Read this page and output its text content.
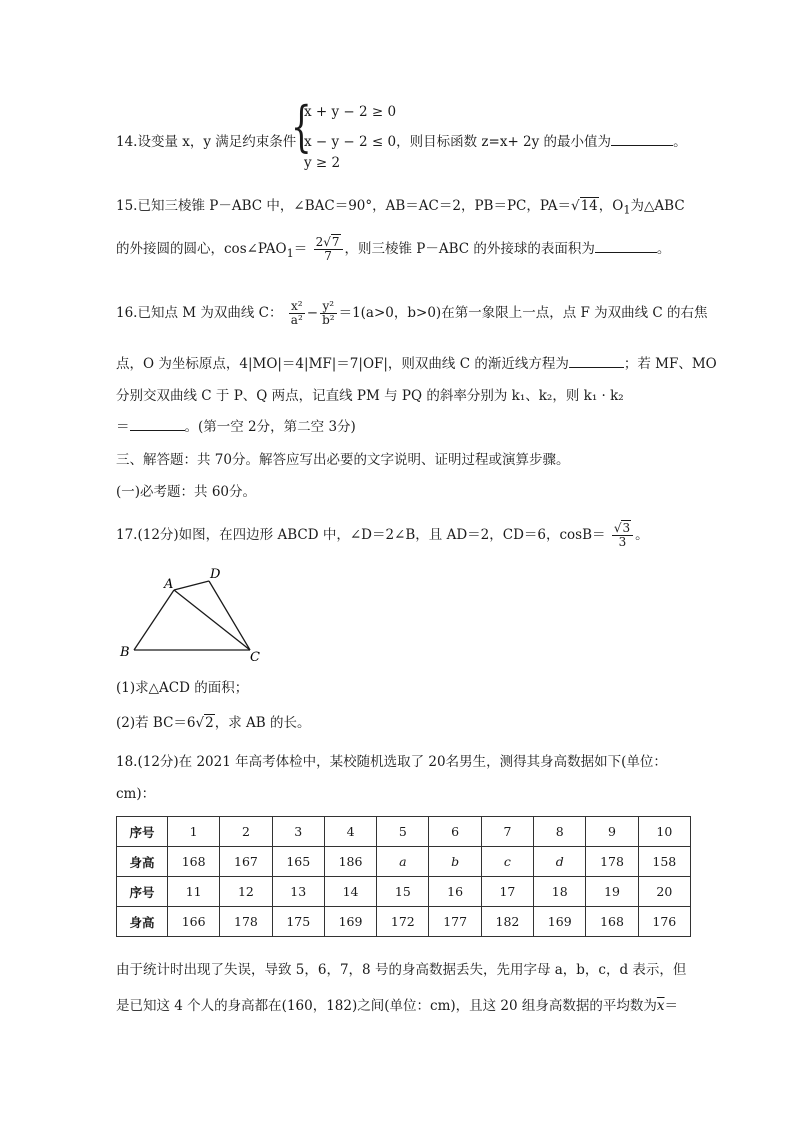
14.设变量 x，y 满足约束条件
{
x + y − 2 ≥ 0
x − y − 2 ≤ 0，则目标函数 z=x+ 2y 的最小值为	。
y ≥ 2
15.已知三棱锥 P－ABC 中，∠BAC＝90°，AB＝AC＝2，PB＝PC，PA＝√14，$O_1$为△ABC
的外接圆的圆心，$\cos\angle PAO_1= \frac{2√7}{7}$ ，则三棱锥 P－ABC 的外接球的表面积为	。
16.已知点 M 为双曲线 C： $\frac{\text{x²}}{\text{a²}} - \frac{\text{y²}}{\text{b²}} =1(a>0$，b>0)在第一象限上一点，点 F 为双曲线 C 的右焦
点，O 为坐标原点，4|MO|＝4|MF|＝7|OF|，则双曲线 C 的渐近线方程为	；若 MF、MO
分别交双曲线 C 于 P、Q 两点，记直线 PM 与 PQ 的斜率分别为 k₁、k₂，则 k₁ · k₂
＝	。(第一空 2分，第二空 3分)
三、解答题：共 70分。解答应写出必要的文字说明、证明过程或演算步骤。
(一)必考题：共 60分。
17.(12分)如图，在四边形 ABCD 中，∠D＝2∠B，且 AD＝2，CD＝6，$\cos B= \frac{√3}{3}$ 。
A
D
B	C
(1)求△ACD 的面积；
(2)若 BC＝6√2，求 AB 的长。
18.(12分)在 2021 年高考体检中，某校随机选取了 20名男生，测得其身高数据如下(单位：
cm)：
序号	1	2	3	4	5	6	7	8	9	10
身高	168	167	165	186	a	b	c	d	178	158
序号	11	12	13	14	15	16	17	18	19	20
身高	166	178	175	169	172	177	182	169	168	176
由于统计时出现了失误，导致 5，6，7，8 号的身高数据丢失，先用字母 a，b，c，d 表示，但
是已知这 4 个人的身高都在(160，182)之间(单位：cm)，且这 20 组身高数据的平均数为$\overline{x}=$
